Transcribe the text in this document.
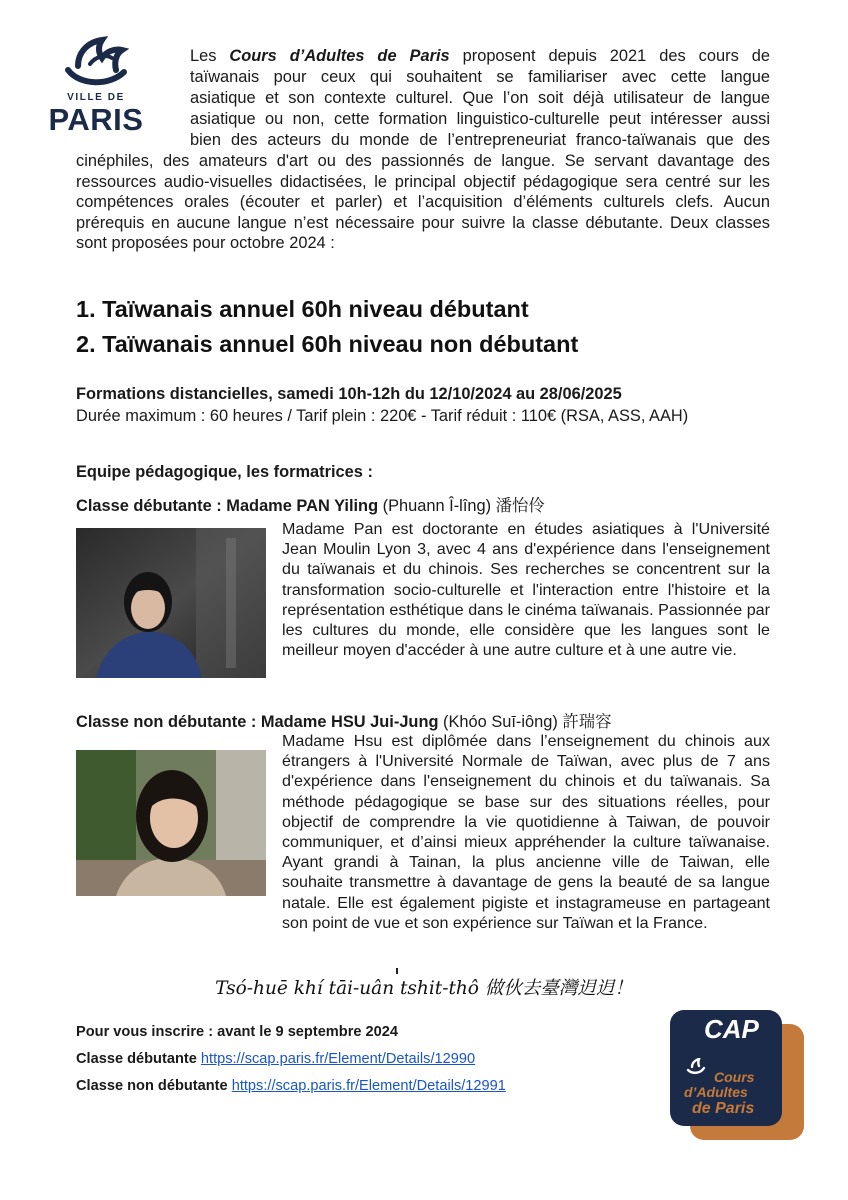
VILLE DE
PARIS
Les Cours d’Adultes de Paris proposent depuis 2021 des cours de
taïwanais pour ceux qui souhaitent se familiariser avec cette langue
asiatique et son contexte culturel. Que l’on soit déjà utilisateur de langue
asiatique ou non, cette formation linguistico-culturelle peut intéresser aussi
bien des acteurs du monde de l’entrepreneuriat franco-taïwanais que des
cinéphiles, des amateurs d'art ou des passionnés de langue. Se servant davantage des ressources audio-visuelles didactisées, le principal objectif pédagogique sera centré sur les compétences orales (écouter et parler) et l’acquisition d’éléments culturels clefs. Aucun prérequis en aucune langue n’est nécessaire pour suivre la classe débutante. Deux classes sont proposées pour octobre 2024 :
1. Taïwanais annuel 60h niveau débutant
2. Taïwanais annuel 60h niveau non débutant
Formations distancielles, samedi 10h-12h du 12/10/2024 au 28/06/2025
Durée maximum : 60 heures / Tarif plein : 220€ - Tarif réduit : 110€ (RSA, ASS, AAH)
Equipe pédagogique, les formatrices :
Classe débutante : Madame PAN Yiling (Phuann Î-lîng) 潘怡伶
Madame Pan est doctorante en études asiatiques à l'Université Jean Moulin Lyon 3, avec 4 ans d'expérience dans l'enseignement du taïwanais et du chinois. Ses recherches se concentrent sur la transformation socio-culturelle et l'interaction entre l'histoire et la représentation esthétique dans le cinéma taïwanais. Passionnée par les cultures du monde, elle considère que les langues sont le meilleur moyen d'accéder à une autre culture et à une autre vie.
Classe non débutante : Madame HSU Jui-Jung (Khóo Suī-iông) 許瑞容
Madame Hsu est diplômée dans l’enseignement du chinois aux étrangers à l'Université Normale de Taïwan, avec plus de 7 ans d'expérience dans l'enseignement du chinois et du taïwanais. Sa méthode pédagogique se base sur des situations réelles, pour objectif de comprendre la vie quotidienne à Taiwan, de pouvoir communiquer, et d’ainsi mieux appréhender la culture taïwanaise. Ayant grandi à Tainan, la plus ancienne ville de Taiwan, elle souhaite transmettre à davantage de gens la beauté de sa langue natale. Elle est également pigiste et instagrameuse en partageant son point de vue et son expérience sur Taïwan et la France.
Tsó-huē khí tāi-uân tshit-thô 做伙去臺灣迌迌！
Pour vous inscrire : avant le 9 septembre 2024
Classe débutante https://scap.paris.fr/Element/Details/12990
Classe non débutante https://scap.paris.fr/Element/Details/12991
CAP
Cours
d’Adultes
de Paris
